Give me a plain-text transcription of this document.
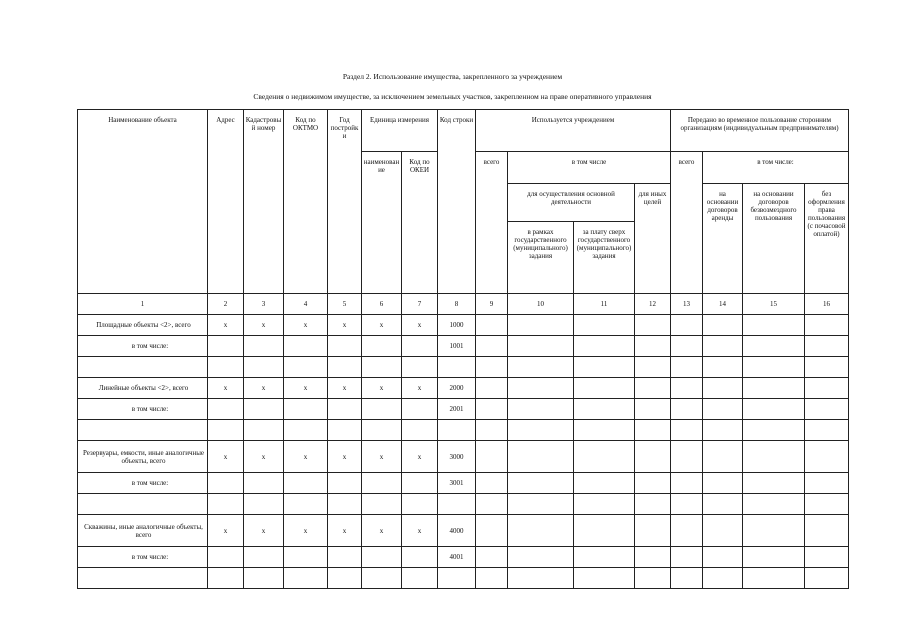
Раздел 2. Использование имущества, закрепленного за учреждением
Сведения о недвижимом имуществе, за исключением земельных участков, закрепленном на праве оперативного управления
Наименование объекта	Адрес	Кадастровый номер	Код по ОКТМО	Год постройки	Единица измерения		Код строки	Используется учреждением				Передано во временное пользование сторонним организациям (индивидуальным предпринимателям)			
					наименование	Код по ОКЕИ		всего	в том числе			всего	в том числе:		
									для осуществления основной деятельности		для иных целей		на основании договоров аренды	на основании договоров безвозмездного пользования	без оформления права пользования (с почасовой оплатой)
									в рамках государственного (муниципального) задания	за плату сверх государственного (муниципального) задания					
1	2	3	4	5	6	7	8	9	10	11	12	13	14	15	16
Площадные объекты <2>, всего	x	x	x	x	x	x	1000								
в том числе:							1001								

Линейные объекты <2>, всего	x	x	x	x	x	x	2000								
в том числе:							2001								

Резервуары, емкости, иные аналогичные объекты, всего	x	x	x	x	x	x	3000								
в том числе:							3001								

Скважины, иные аналогичные объекты, всего	x	x	x	x	x	x	4000								
в том числе:							4001								
